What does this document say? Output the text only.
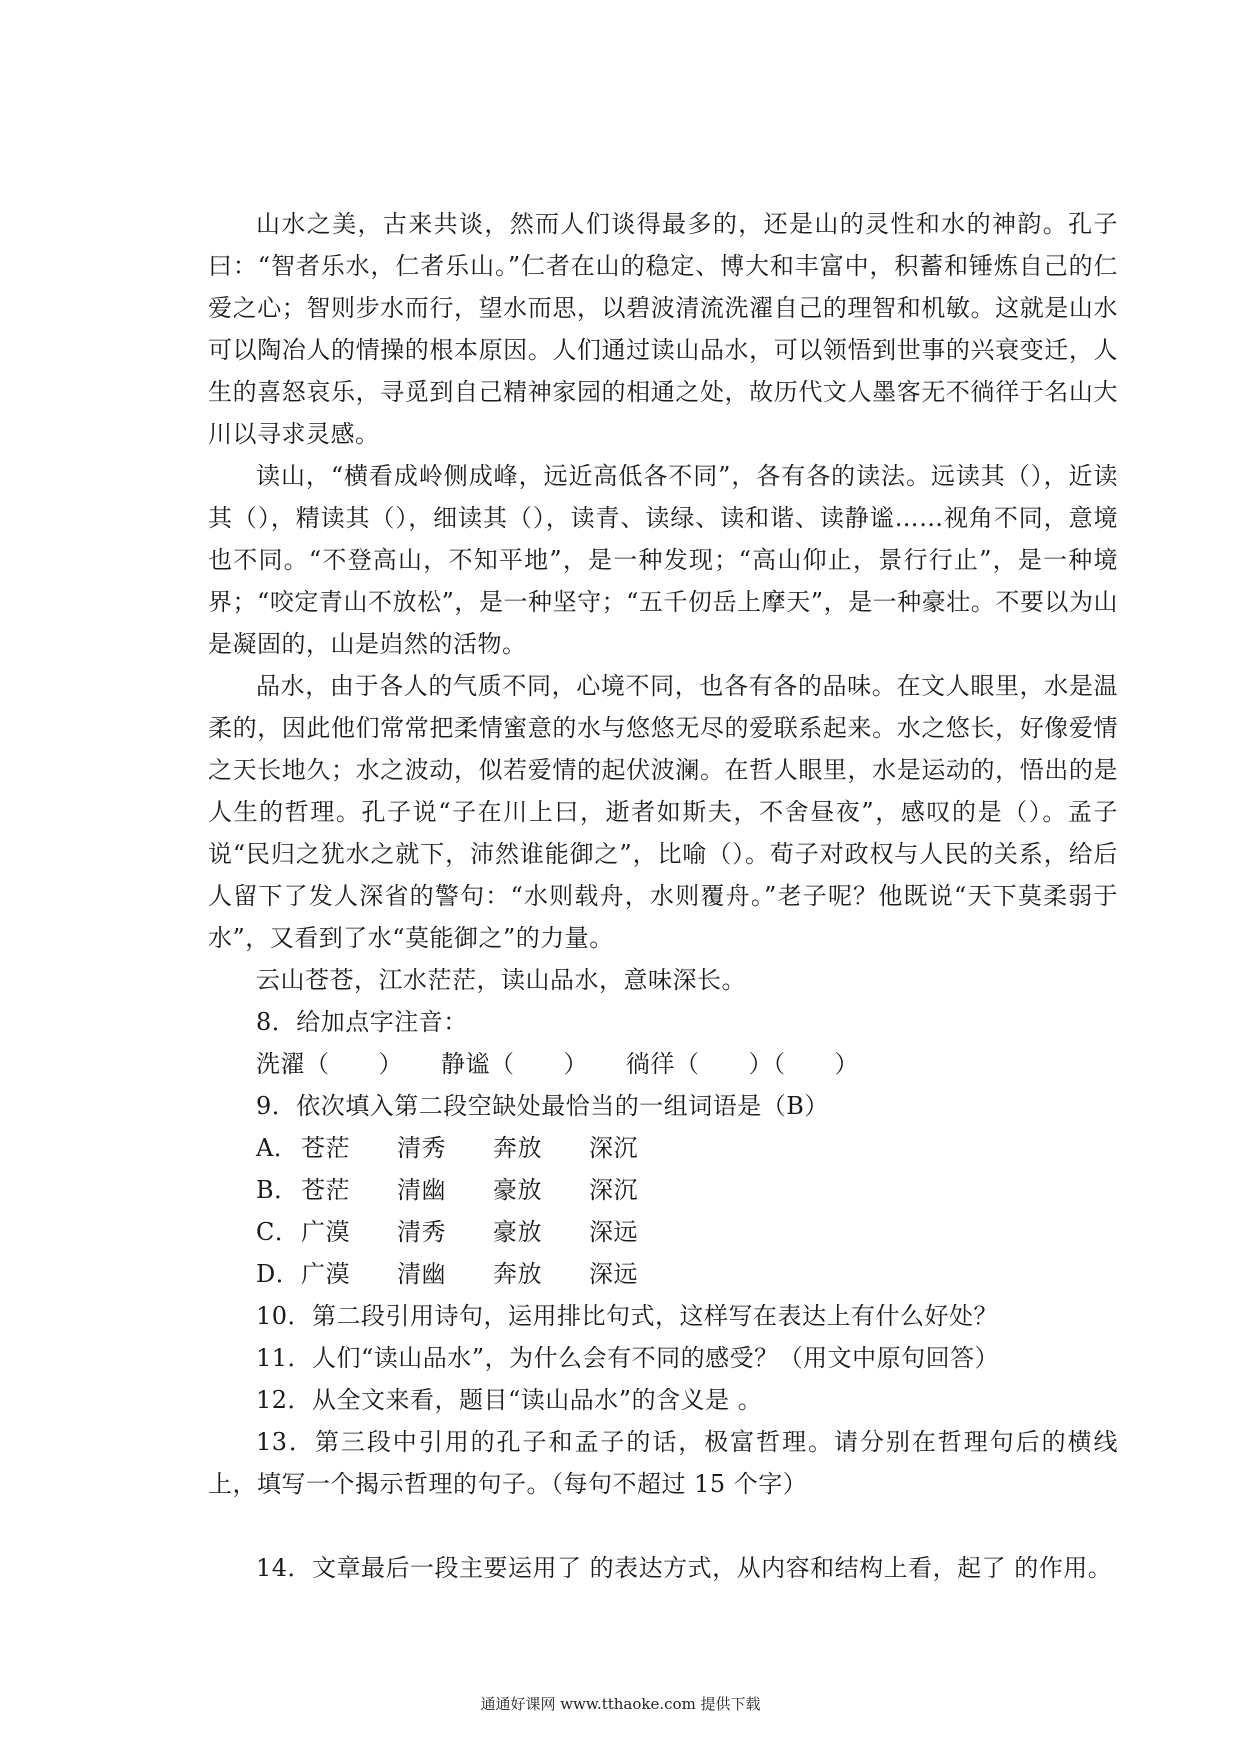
山水之美，古来共谈，然而人们谈得最多的，还是山的灵性和水的神韵。孔子曰：“智者乐水，仁者乐山。”仁者在山的稳定、博大和丰富中，积蓄和锤炼自己的仁爱之心；智则步水而行，望水而思，以碧波清流洗濯自己的理智和机敏。这就是山水可以陶冶人的情操的根本原因。人们通过读山品水，可以领悟到世事的兴衰变迁，人生的喜怒哀乐，寻觅到自己精神家园的相通之处，故历代文人墨客无不徜徉于名山大川以寻求灵感。

读山，“横看成岭侧成峰，远近高低各不同”，各有各的读法。远读其（），近读其（），精读其（），细读其（），读青、读绿、读和谐、读静谧……视角不同，意境也不同。“不登高山，不知平地”，是一种发现；“高山仰止，景行行止”，是一种境界；“咬定青山不放松”，是一种坚守；“五千仞岳上摩天”，是一种豪壮。不要以为山是凝固的，山是岿然的活物。

品水，由于各人的气质不同，心境不同，也各有各的品味。在文人眼里，水是温柔的，因此他们常常把柔情蜜意的水与悠悠无尽的爱联系起来。水之悠长，好像爱情之天长地久；水之波动，似若爱情的起伏波澜。在哲人眼里，水是运动的，悟出的是人生的哲理。孔子说“子在川上曰，逝者如斯夫，不舍昼夜”，感叹的是（）。孟子说“民归之犹水之就下，沛然谁能御之”，比喻（）。荀子对政权与人民的关系，给后人留下了发人深省的警句：“水则载舟，水则覆舟。”老子呢？他既说“天下莫柔弱于水”，又看到了水“莫能御之”的力量。

云山苍苍，江水茫茫，读山品水，意味深长。

8．给加点字注音：

洗濯（　　） 静谧（　　） 徜徉（　　）（　　）

9．依次填入第二段空缺处最恰当的一组词语是（B）

A． 苍茫	清秀	奔放	深沉
B． 苍茫	清幽	豪放	深沉
C． 广漠	清秀	豪放	深远
D． 广漠	清幽	奔放	深远

10．第二段引用诗句，运用排比句式，这样写在表达上有什么好处？

11．人们“读山品水”，为什么会有不同的感受？（用文中原句回答）

12．从全文来看，题目“读山品水”的含义是 。

13．第三段中引用的孔子和孟子的话，极富哲理。请分别在哲理句后的横线上，填写一个揭示哲理的句子。（每句不超过 15 个字）

14．文章最后一段主要运用了 的表达方式，从内容和结构上看，起了 的作用。

通通好课网 www.tthaoke.com 提供下载
